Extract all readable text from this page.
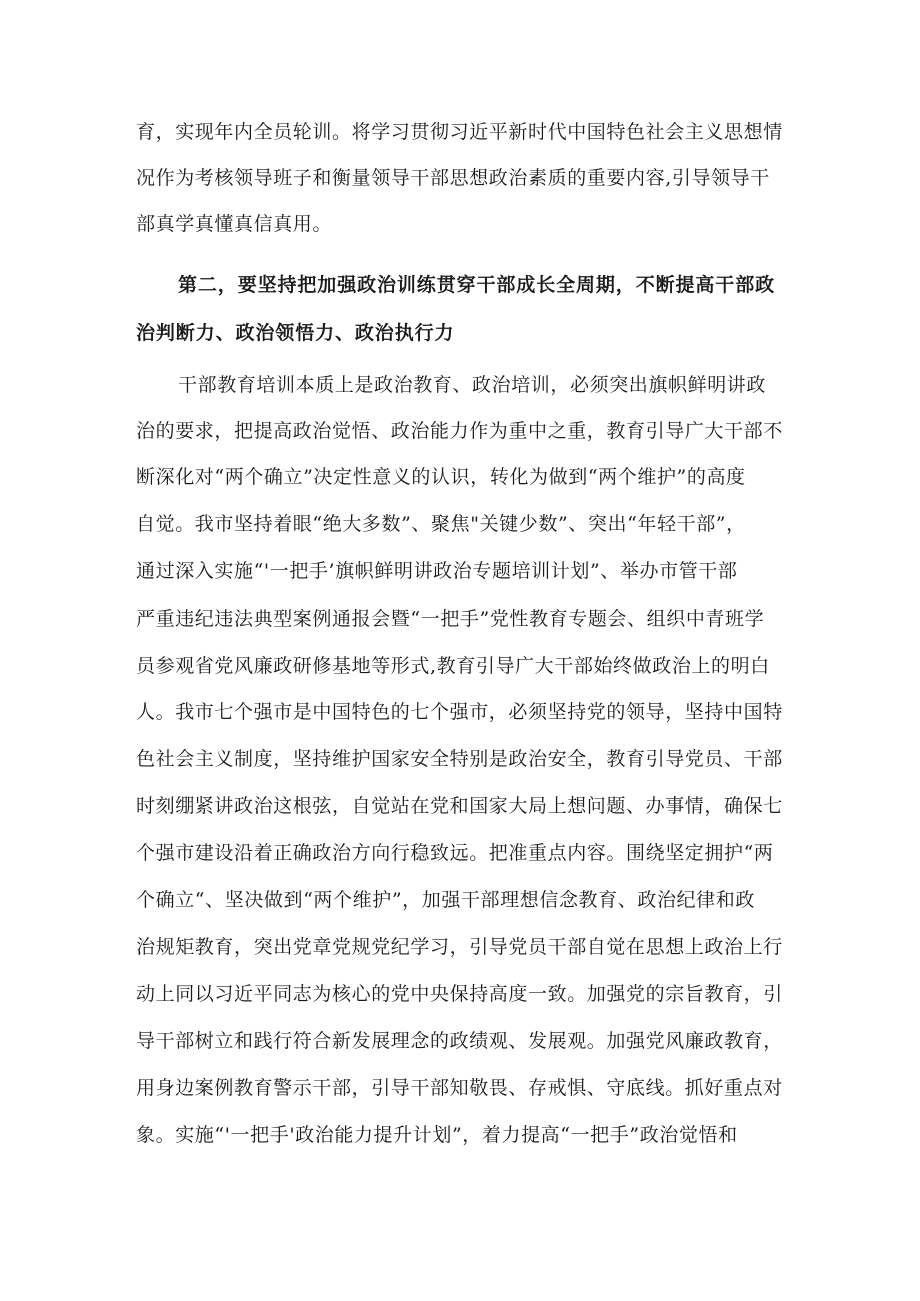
育，实现年内全员轮训。将学习贯彻习近平新时代中国特色社会主义思想情
况作为考核领导班子和衡量领导干部思想政治素质的重要内容,引导领导干
部真学真懂真信真用。
第二，要坚持把加强政治训练贯穿干部成长全周期，不断提高干部政
治判断力、政治领悟力、政治执行力
干部教育培训本质上是政治教育、政治培训，必须突出旗帜鲜明讲政
治的要求，把提高政治觉悟、政治能力作为重中之重，教育引导广大干部不
断深化对“两个确立”决定性意义的认识，转化为做到“两个维护”的高度
自觉。我市坚持着眼“绝大多数”、聚焦"关键少数”、突出“年轻干部”，
通过深入实施“'一把手’旗帜鲜明讲政治专题培训计划”、举办市管干部
严重违纪违法典型案例通报会暨“一把手”党性教育专题会、组织中青班学
员参观省党风廉政研修基地等形式,教育引导广大干部始终做政治上的明白
人。我市七个强市是中国特色的七个强市，必须坚持党的领导，坚持中国特
色社会主义制度，坚持维护国家安全特别是政治安全，教育引导党员、干部
时刻绷紧讲政治这根弦，自觉站在党和国家大局上想问题、办事情，确保七
个强市建设沿着正确政治方向行稳致远。把准重点内容。围绕坚定拥护“两
个确立“、坚决做到“两个维护”，加强干部理想信念教育、政治纪律和政
治规矩教育，突出党章党规党纪学习，引导党员干部自觉在思想上政治上行
动上同以习近平同志为核心的党中央保持高度一致。加强党的宗旨教育，引
导干部树立和践行符合新发展理念的政绩观、发展观。加强党风廉政教育，
用身边案例教育警示干部，引导干部知敬畏、存戒惧、守底线。抓好重点对
象。实施“'一把手'政治能力提升计划”，着力提高“一把手”政治觉悟和
